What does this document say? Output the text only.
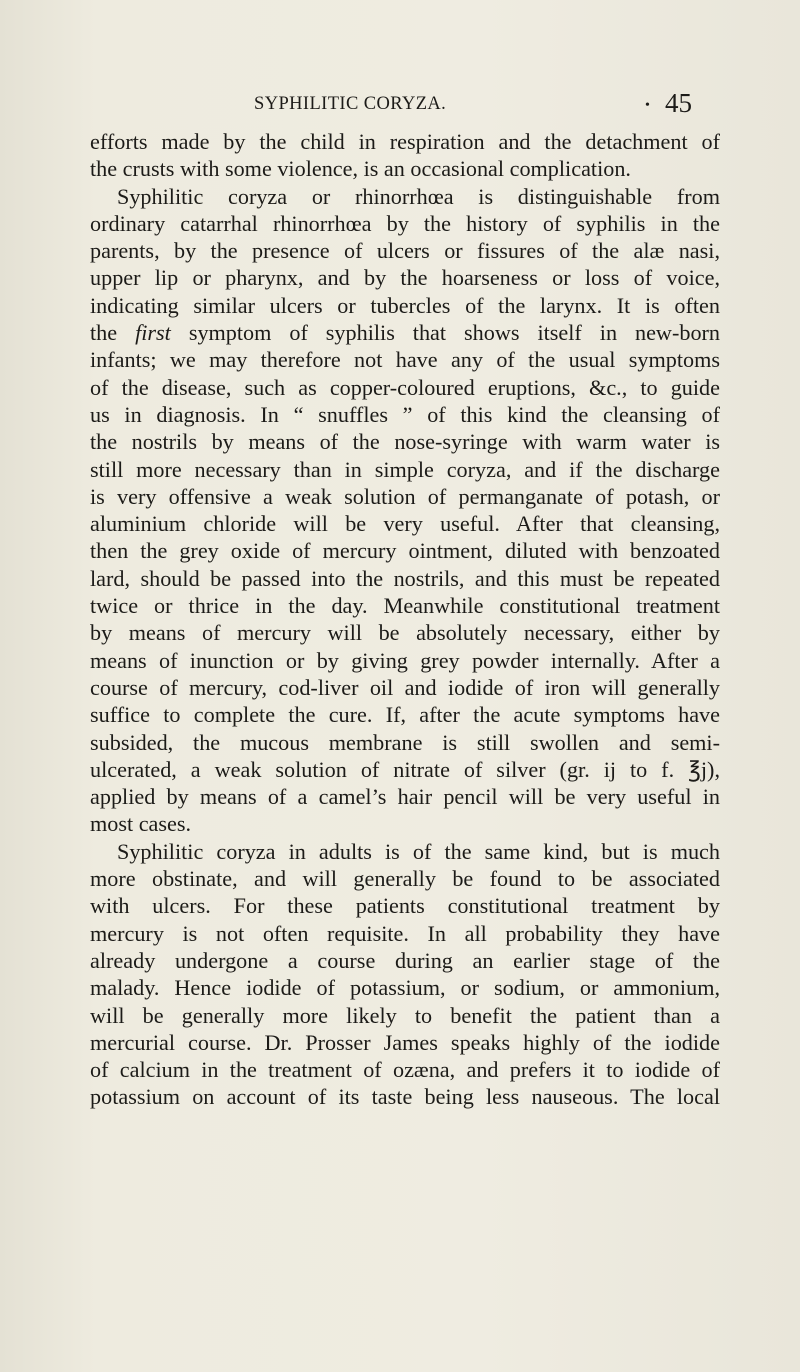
SYPHILITIC CORYZA.	• 45
efforts made by the child in respiration and the detachment of
the crusts with some violence, is an occasional complication.
Syphilitic coryza or rhinorrhœa is distinguishable from
ordinary catarrhal rhinorrhœa by the history of syphilis in the
parents, by the presence of ulcers or fissures of the alæ nasi,
upper lip or pharynx, and by the hoarseness or loss of voice,
indicating similar ulcers or tubercles of the larynx. It is often
the first symptom of syphilis that shows itself in new-born
infants; we may therefore not have any of the usual symptoms
of the disease, such as copper-coloured eruptions, &c., to guide
us in diagnosis. In “ snuffles ” of this kind the cleansing of
the nostrils by means of the nose-syringe with warm water is
still more necessary than in simple coryza, and if the discharge
is very offensive a weak solution of permanganate of potash, or
aluminium chloride will be very useful. After that cleansing,
then the grey oxide of mercury ointment, diluted with benzoated
lard, should be passed into the nostrils, and this must be repeated
twice or thrice in the day. Meanwhile constitutional treatment
by means of mercury will be absolutely necessary, either by
means of inunction or by giving grey powder internally. After a
course of mercury, cod-liver oil and iodide of iron will generally
suffice to complete the cure. If, after the acute symptoms have
subsided, the mucous membrane is still swollen and semi-
ulcerated, a weak solution of nitrate of silver (gr. ij to f. ℥j),
applied by means of a camel’s hair pencil will be very useful in
most cases.
Syphilitic coryza in adults is of the same kind, but is much
more obstinate, and will generally be found to be associated
with ulcers. For these patients constitutional treatment by
mercury is not often requisite. In all probability they have
already undergone a course during an earlier stage of the
malady. Hence iodide of potassium, or sodium, or ammonium,
will be generally more likely to benefit the patient than a
mercurial course. Dr. Prosser James speaks highly of the iodide
of calcium in the treatment of ozæna, and prefers it to iodide of
potassium on account of its taste being less nauseous. The local
